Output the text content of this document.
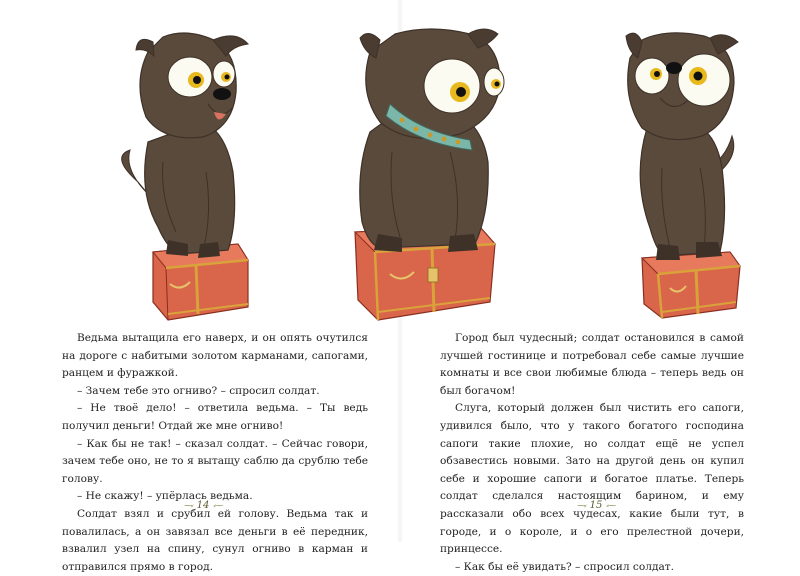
Ведьма вытащила его наверх, и он опять очутился на дороге с набитыми золотом карманами, сапогами, ранцем и фуражкой.

– Зачем тебе это огниво? – спросил солдат.

– Не твоё дело! – ответила ведьма. – Ты ведь получил деньги! Отдай же мне огниво!

– Как бы не так! – сказал солдат. – Сейчас говори, зачем тебе оно, не то я вытащу саблю да срублю тебе голову.

– Не скажу! – упёрлась ведьма.

Солдат взял и срубил ей голову. Ведьма так и повалилась, а он завязал все деньги в её передник, взвалил узел на спину, сунул огниво в карман и отправился прямо в город.

⁓⸗ 14 ⸗⁓

Город был чудесный; солдат остановился в самой лучшей гостинице и потребовал себе самые лучшие комнаты и все свои любимые блюда – теперь ведь он был богачом!

Слуга, который должен был чистить его сапоги, удивился было, что у такого богатого господина сапоги такие плохие, но солдат ещё не успел обзавестись новыми. Зато на другой день он купил себе и хорошие сапоги и богатое платье. Теперь солдат сделался настоящим барином, и ему рассказали обо всех чудесах, какие были тут, в городе, и о короле, и о его прелестной дочери, принцессе.

– Как бы её увидать? – спросил солдат.

⁓⸗ 15 ⸗⁓
